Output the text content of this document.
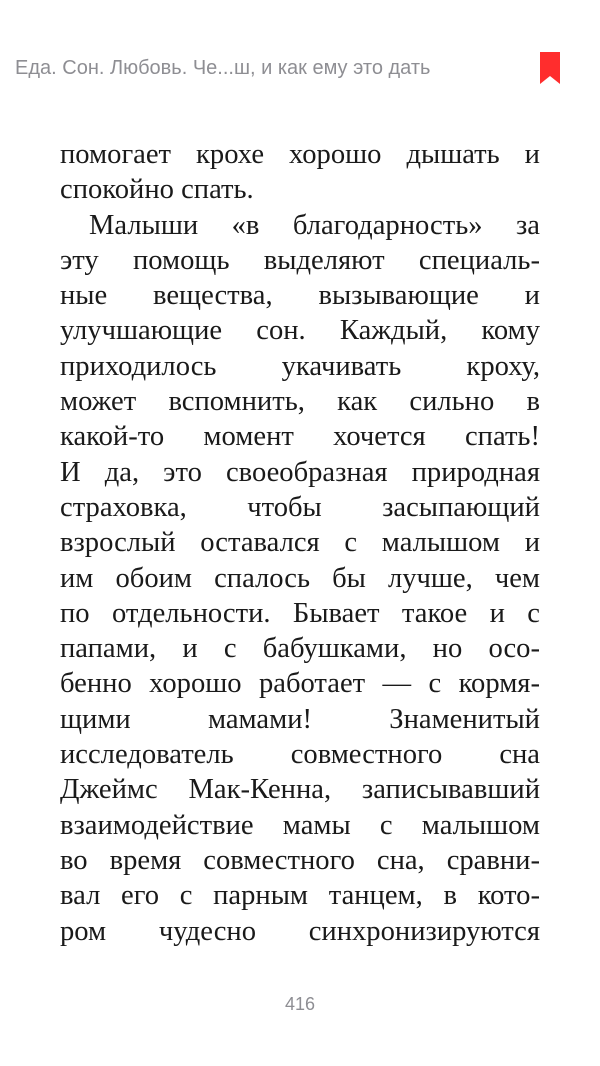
Еда. Сон. Любовь. Че...ш, и как ему это дать

помогает крохе хорошо дышать и
спокойно спать.

Малыши «в благодарность» за
эту помощь выделяют специаль-
ные вещества, вызывающие и
улучшающие сон. Каждый, кому
приходилось укачивать кроху,
может вспомнить, как сильно в
какой-то момент хочется спать!
И да, это своеобразная природная
страховка, чтобы засыпающий
взрослый оставался с малышом и
им обоим спалось бы лучше, чем
по отдельности. Бывает такое и с
папами, и с бабушками, но осо-
бенно хорошо работает — с кормя-
щими мамами! Знаменитый
исследователь совместного сна
Джеймс Мак-Кенна, записывавший
взаимодействие мамы с малышом
во время совместного сна, сравни-
вал его с парным танцем, в кото-
ром чудесно синхронизируются

416
